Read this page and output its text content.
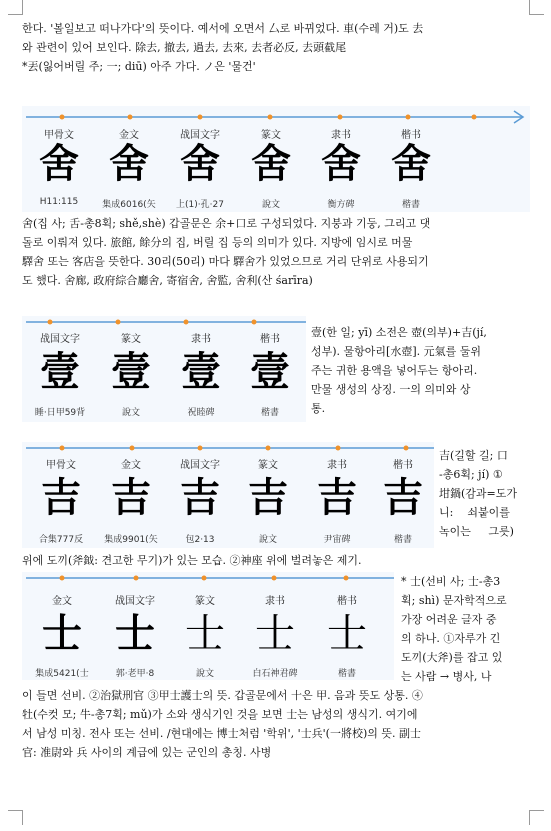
한다. '볼일보고 떠나가다'의 뜻이다. 예서에 오면서 厶로 바뀌었다. 車(수레 거)도 去
와 관련이 있어 보인다. 除去, 撤去, 過去, 去來, 去者必反, 去頭截尾
*丟(잃어버릴 주; 一; diū) 아주 가다. ノ은 '물건'
甲骨文
舍
H11:115
金文
舍
集成6016(矢
战国文字
舍
上(1)·孔·27
篆文
舍
說文
隶书
舍
衡方碑
楷书
舍
楷書
舍(집 사; 舌-총8획; shě,shè) 갑골문은 余+口로 구성되었다. 지붕과 기둥, 그리고 댓
돌로 이뤄져 있다. 旅館, 餘分의 집, 버릴 집 등의 의미가 있다. 지방에 임시로 머물
驛舍 또는 客店을 뜻한다. 30리(50리) 마다 驛舍가 있었으므로 거리 단위로 사용되기
도 했다. 舍廊, 政府綜合廳舍, 寄宿舍, 舍監, 舍利(산 śarīra)
战国文字
壹
睡·日甲59背
篆文
壹
說文
隶书
壹
祝睦碑
楷书
壹
楷書
壹(한 일; yī) 소전은 壺(의부)+吉(jí,
성부). 물항아리[水壺]. 元氣를 둘위
주는 귀한 용액을 넣어두는 항아리.
만물 생성의 상징. 一의 의미와 상
통.
甲骨文
吉
合集777反
金文
吉
集成9901(矢
战国文字
吉
包2·13
篆文
吉
說文
隶书
吉
尹宙碑
楷书
吉
楷書
吉(길할 길; 口
-총6획; jí) ①
坩鍋(감과=도가
니:    쇠붙이를
녹이는     그릇)
위에 도끼(斧鉞: 견고한 무기)가 있는 모습. ②神座 위에 벌려놓은 제기.
金文
士
集成5421(士
战国文字
士
郭·老甲·8
篆文
士
說文
隶书
士
白石神君碑
楷书
士
楷書
* 士(선비 사; 士-총3
획; shì) 문자학적으로
가장 어려운 글자 중
의 하나. ①자루가 긴
도끼(大斧)를 잡고 있
는 사람 → 병사, 나
이 들면 선비. ②治獄刑官 ③甲士護士의 뜻. 갑골문에서 十은 甲. 음과 뜻도 상통. ④
牡(수컷 모; 牛-총7획; mǔ)가 소와 생식기인 것을 보면 士는 남성의 생식기. 여기에
서 남성 미칭. 전사 또는 선비. /현대에는 博士처럼 '학위', '士兵'(一將校)의 뜻. 副士
官: 准尉와 兵 사이의 계급에 있는 군인의 총칭. 사병
